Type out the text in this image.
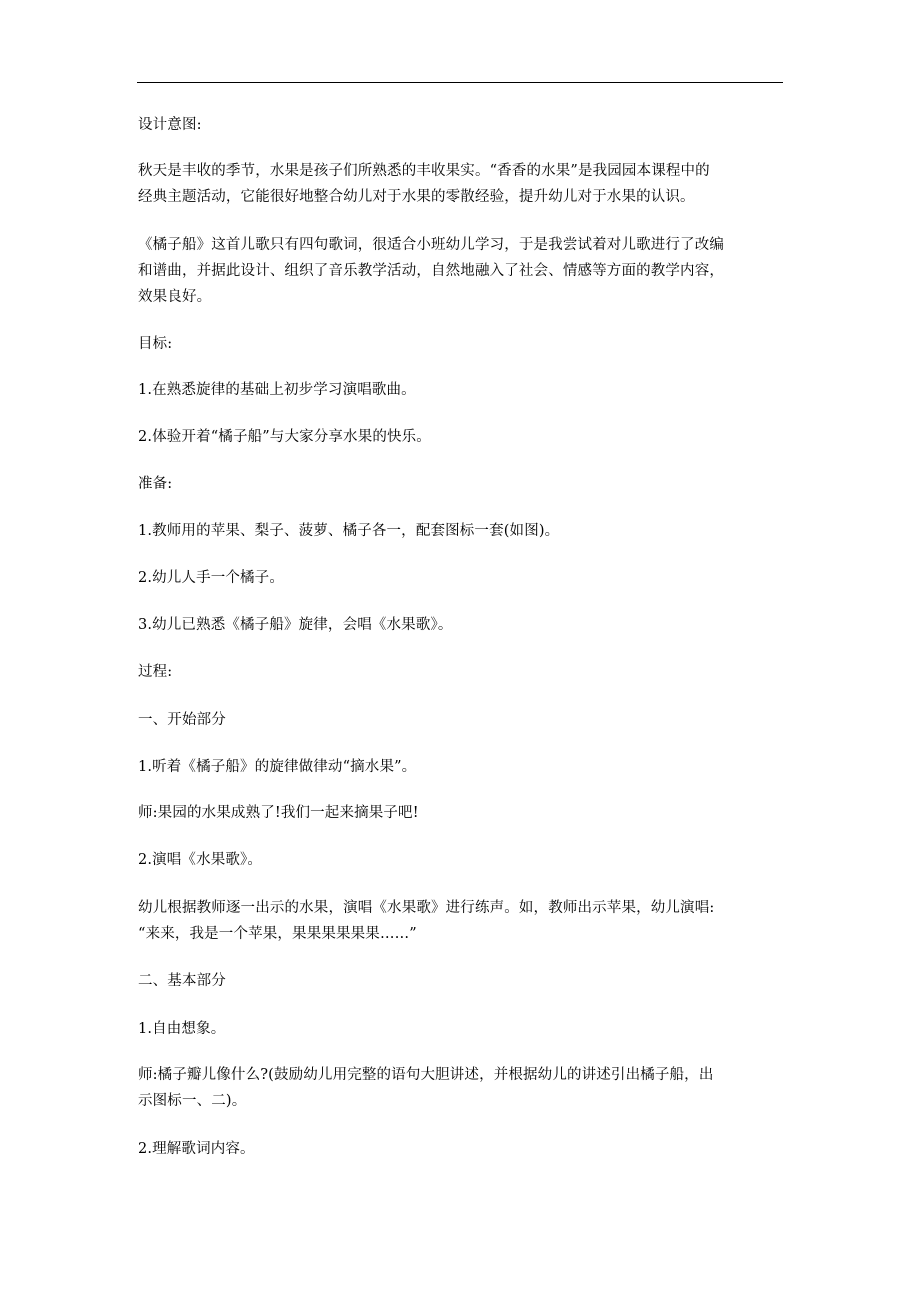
设计意图:
秋天是丰收的季节，水果是孩子们所熟悉的丰收果实。“香香的水果”是我园园本课程中的
经典主题活动，它能很好地整合幼儿对于水果的零散经验，提升幼儿对于水果的认识。
《橘子船》这首儿歌只有四句歌词，很适合小班幼儿学习，于是我尝试着对儿歌进行了改编
和谱曲，并据此设计、组织了音乐教学活动，自然地融入了社会、情感等方面的教学内容，
效果良好。
目标:
1.在熟悉旋律的基础上初步学习演唱歌曲。
2.体验开着“橘子船”与大家分享水果的快乐。
准备:
1.教师用的苹果、梨子、菠萝、橘子各一，配套图标一套(如图)。
2.幼儿人手一个橘子。
3.幼儿已熟悉《橘子船》旋律，会唱《水果歌》。
过程:
一、开始部分
1.听着《橘子船》的旋律做律动“摘水果”。
师:果园的水果成熟了!我们一起来摘果子吧!
2.演唱《水果歌》。
幼儿根据教师逐一出示的水果，演唱《水果歌》进行练声。如，教师出示苹果，幼儿演唱:
“来来，我是一个苹果，果果果果果果……”
二、基本部分
1.自由想象。
师:橘子瓣儿像什么?(鼓励幼儿用完整的语句大胆讲述，并根据幼儿的讲述引出橘子船，出
示图标一、二)。
2.理解歌词内容。
